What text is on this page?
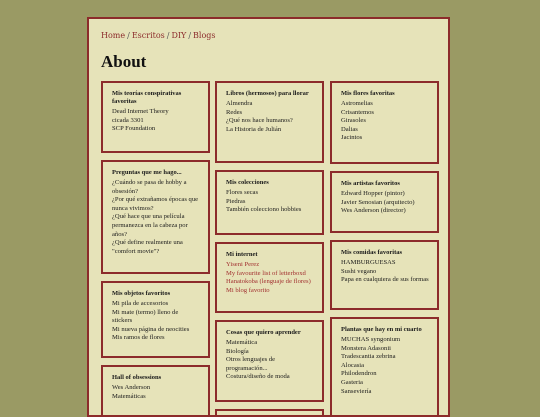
Home / Escritos / DIY / Blogs
About
Mis teorías conspirativas favoritas
Dead Internet Theory
cicada 3301
SCP Foundation
Preguntas que me hago...
¿Cuándo se pasa de hobby a obsesión?
¿Por qué extrañamos épocas que nunca vivimos?
¿Qué hace que una película permanezca en la cabeza por años?
¿Qué define realmente una "comfort movie"?
Mis objetos favoritos
Mi pila de accesorios
Mi mate (termo) lleno de stickers
Mi nueva página de neocities
Mis ramos de flores
Hall of obsessions
Wes Anderson
Matemáticas
Libros (hermosos) para llorar
Almendra
Redes
¿Qué nos hace humanos?
La Historia de Julián
Mis colecciones
Flores secas
Piedras
También colecciono hobbies
Mi internet
Yiseni Perez
My favourite list of letterboxd
Hanatokoba (lenguaje de flores)
Mi blog favorito
Cosas que quiero aprender
Matemática
Biología
Otros lenguajes de programación...
Costura/diseño de moda
Mis flores favoritas
Astromelias
Crisantemos
Girasoles
Dalias
Jacintos
Mis artistas favoritos
Edward Hopper (pintor)
Javier Senosian (arquitecto)
Wes Anderson (director)
Mis comidas favoritas
HAMBURGUESAS
Sushi vegano
Papa en cualquiera de sus formas
Plantas que hay en mi cuarto
MUCHAS syngonium
Monstera Adasonii
Tradescantia zebrina
Alocasia
Philodendron
Gasteria
Sanseviería
